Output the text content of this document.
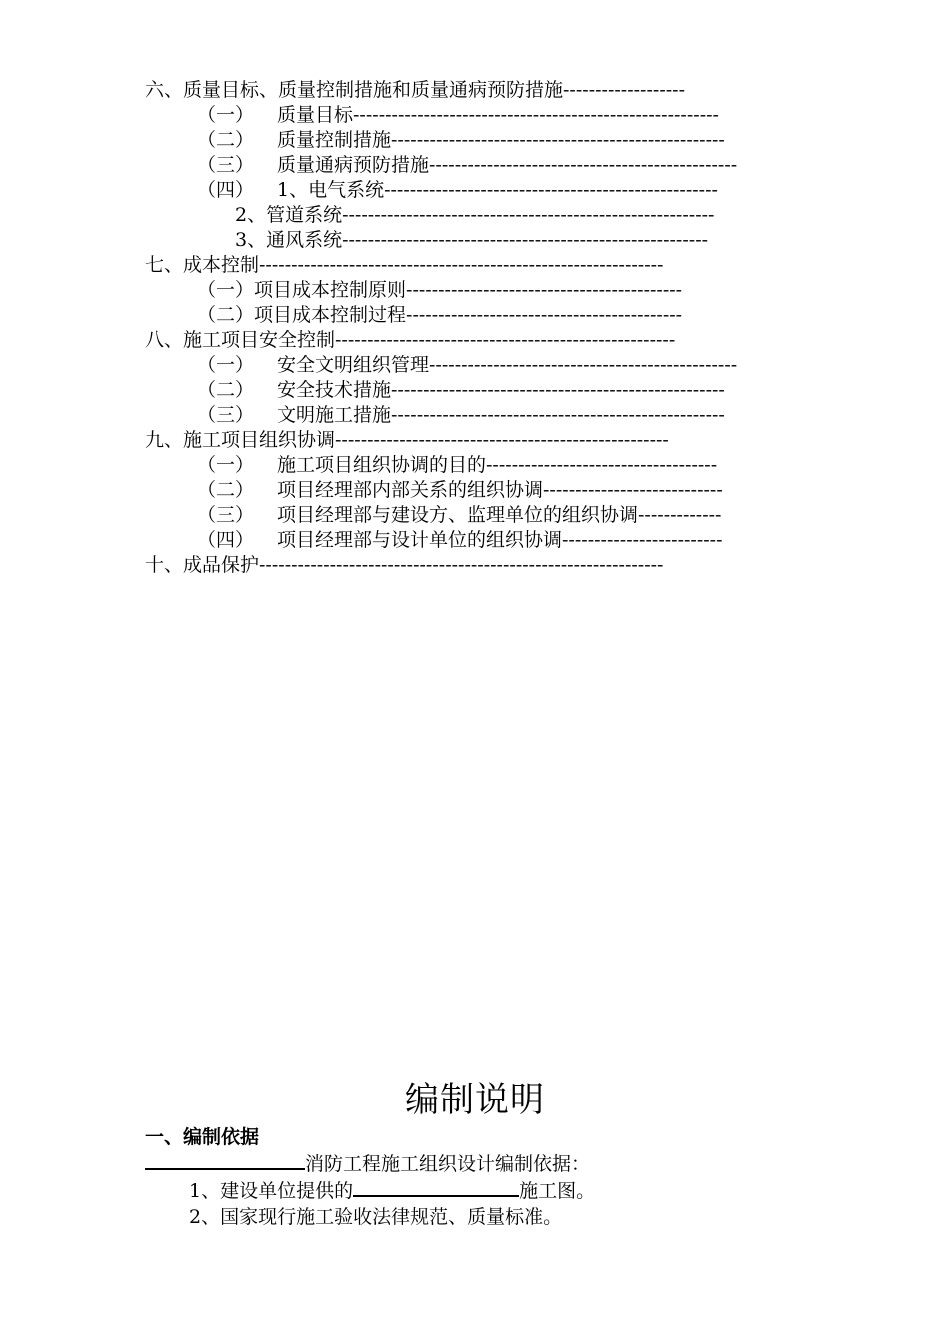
六、质量目标、质量控制措施和质量通病预防措施-------------------
（一） 质量目标---------------------------------------------------------
（二） 质量控制措施----------------------------------------------------
（三） 质量通病预防措施------------------------------------------------
（四） 1、电气系统----------------------------------------------------
2、管道系统----------------------------------------------------------
3、通风系统---------------------------------------------------------
七、成本控制---------------------------------------------------------------
（一）项目成本控制原则-------------------------------------------
（二）项目成本控制过程-------------------------------------------
八、施工项目安全控制-----------------------------------------------------
（一） 安全文明组织管理------------------------------------------------
（二） 安全技术措施----------------------------------------------------
（三） 文明施工措施----------------------------------------------------
九、施工项目组织协调----------------------------------------------------
（一） 施工项目组织协调的目的------------------------------------
（二） 项目经理部内部关系的组织协调----------------------------
（三） 项目经理部与建设方、监理单位的组织协调-------------
（四） 项目经理部与设计单位的组织协调-------------------------
十、成品保护---------------------------------------------------------------
编制说明
一、编制依据
消防工程施工组织设计编制依据：
1、建设单位提供的	施工图。
2、国家现行施工验收法律规范、质量标准。
